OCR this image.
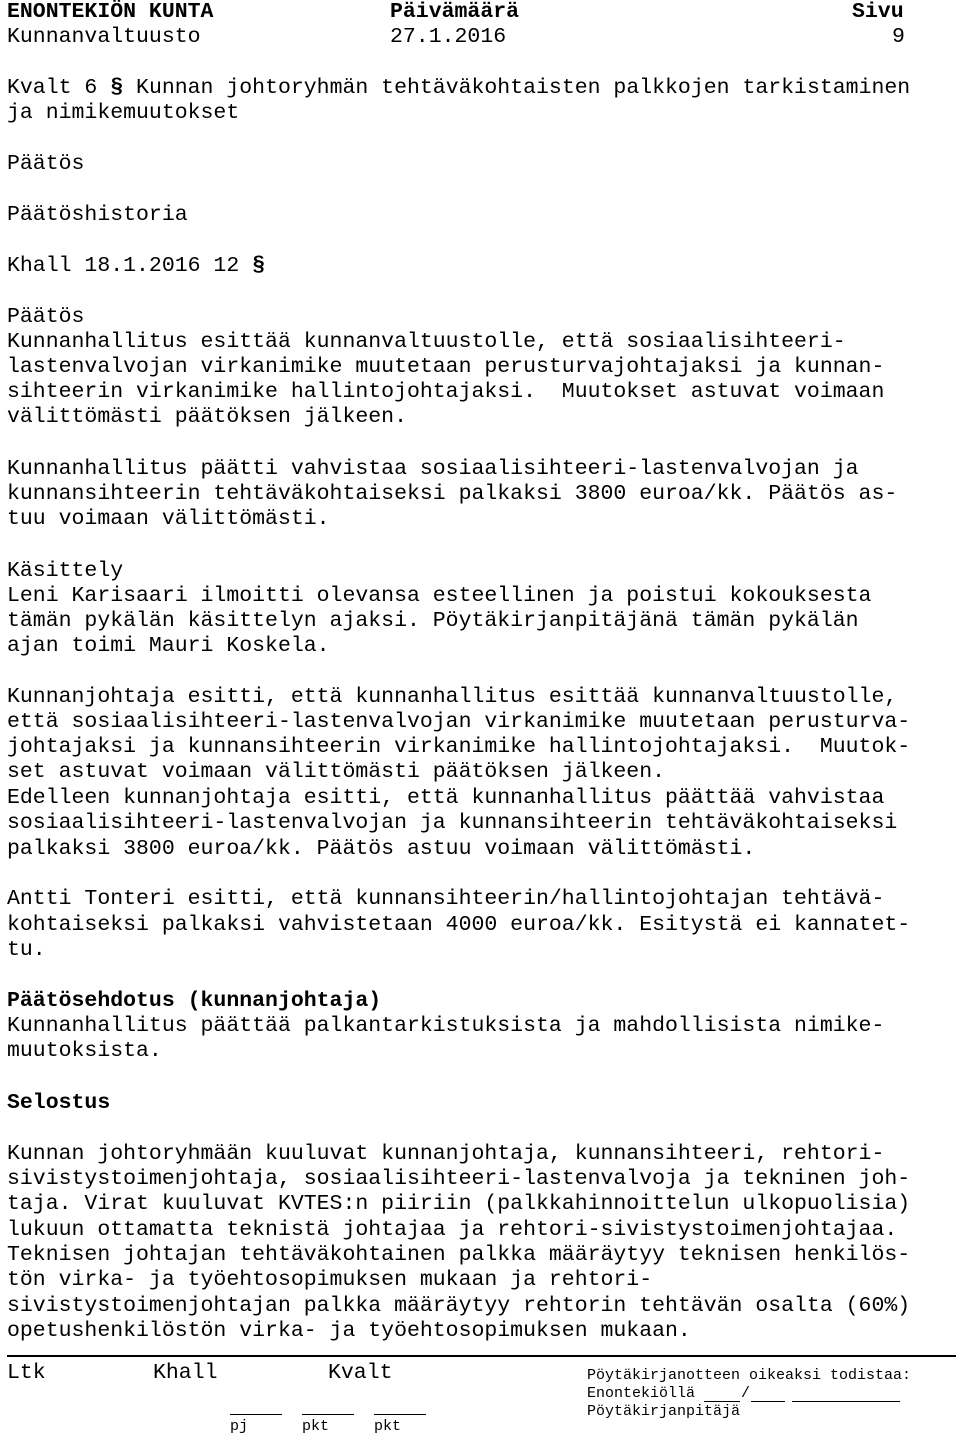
ENONTEKIÖN KUNTA	Päivämäärä	Sivu
Kunnanvaltuusto	27.1.2016	9
Kvalt 6 § Kunnan johtoryhmän tehtäväkohtaisten palkkojen tarkistaminen
ja nimikemuutokset
Päätös
Päätöshistoria
Khall 18.1.2016 12 §
Päätös
Kunnanhallitus esittää kunnanvaltuustolle, että sosiaalisihteeri-
lastenvalvojan virkanimike muutetaan perusturvajohtajaksi ja kunnan-
sihteerin virkanimike hallintojohtajaksi.  Muutokset astuvat voimaan
välittömästi päätöksen jälkeen.
Kunnanhallitus päätti vahvistaa sosiaalisihteeri-lastenvalvojan ja
kunnansihteerin tehtäväkohtaiseksi palkaksi 3800 euroa/kk. Päätös as-
tuu voimaan välittömästi.
Käsittely
Leni Karisaari ilmoitti olevansa esteellinen ja poistui kokouksesta
tämän pykälän käsittelyn ajaksi. Pöytäkirjanpitäjänä tämän pykälän
ajan toimi Mauri Koskela.
Kunnanjohtaja esitti, että kunnanhallitus esittää kunnanvaltuustolle,
että sosiaalisihteeri-lastenvalvojan virkanimike muutetaan perusturva-
johtajaksi ja kunnansihteerin virkanimike hallintojohtajaksi.  Muutok-
set astuvat voimaan välittömästi päätöksen jälkeen.
Edelleen kunnanjohtaja esitti, että kunnanhallitus päättää vahvistaa
sosiaalisihteeri-lastenvalvojan ja kunnansihteerin tehtäväkohtaiseksi
palkaksi 3800 euroa/kk. Päätös astuu voimaan välittömästi.
Antti Tonteri esitti, että kunnansihteerin/hallintojohtajan tehtävä-
kohtaiseksi palkaksi vahvistetaan 4000 euroa/kk. Esitystä ei kannatet-
tu.
Päätösehdotus (kunnanjohtaja)
Kunnanhallitus päättää palkantarkistuksista ja mahdollisista nimike-
muutoksista.
Selostus
Kunnan johtoryhmään kuuluvat kunnanjohtaja, kunnansihteeri, rehtori-
sivistystoimenjohtaja, sosiaalisihteeri-lastenvalvoja ja tekninen joh-
taja. Virat kuuluvat KVTES:n piiriin (palkkahinnoittelun ulkopuolisia)
lukuun ottamatta teknistä johtajaa ja rehtori-sivistystoimenjohtajaa.
Teknisen johtajan tehtäväkohtainen palkka määräytyy teknisen henkilös-
tön virka- ja työehtosopimuksen mukaan ja rehtori-
sivistystoimenjohtajan palkka määräytyy rehtorin tehtävän osalta (60%)
opetushenkilöstön virka- ja työehtosopimuksen mukaan.
Ltk	Khall	Kvalt
pj	pkt	pkt
Pöytäkirjanotteen oikeaksi todistaa:
Enontekiöllä	/
Pöytäkirjanpitäjä
